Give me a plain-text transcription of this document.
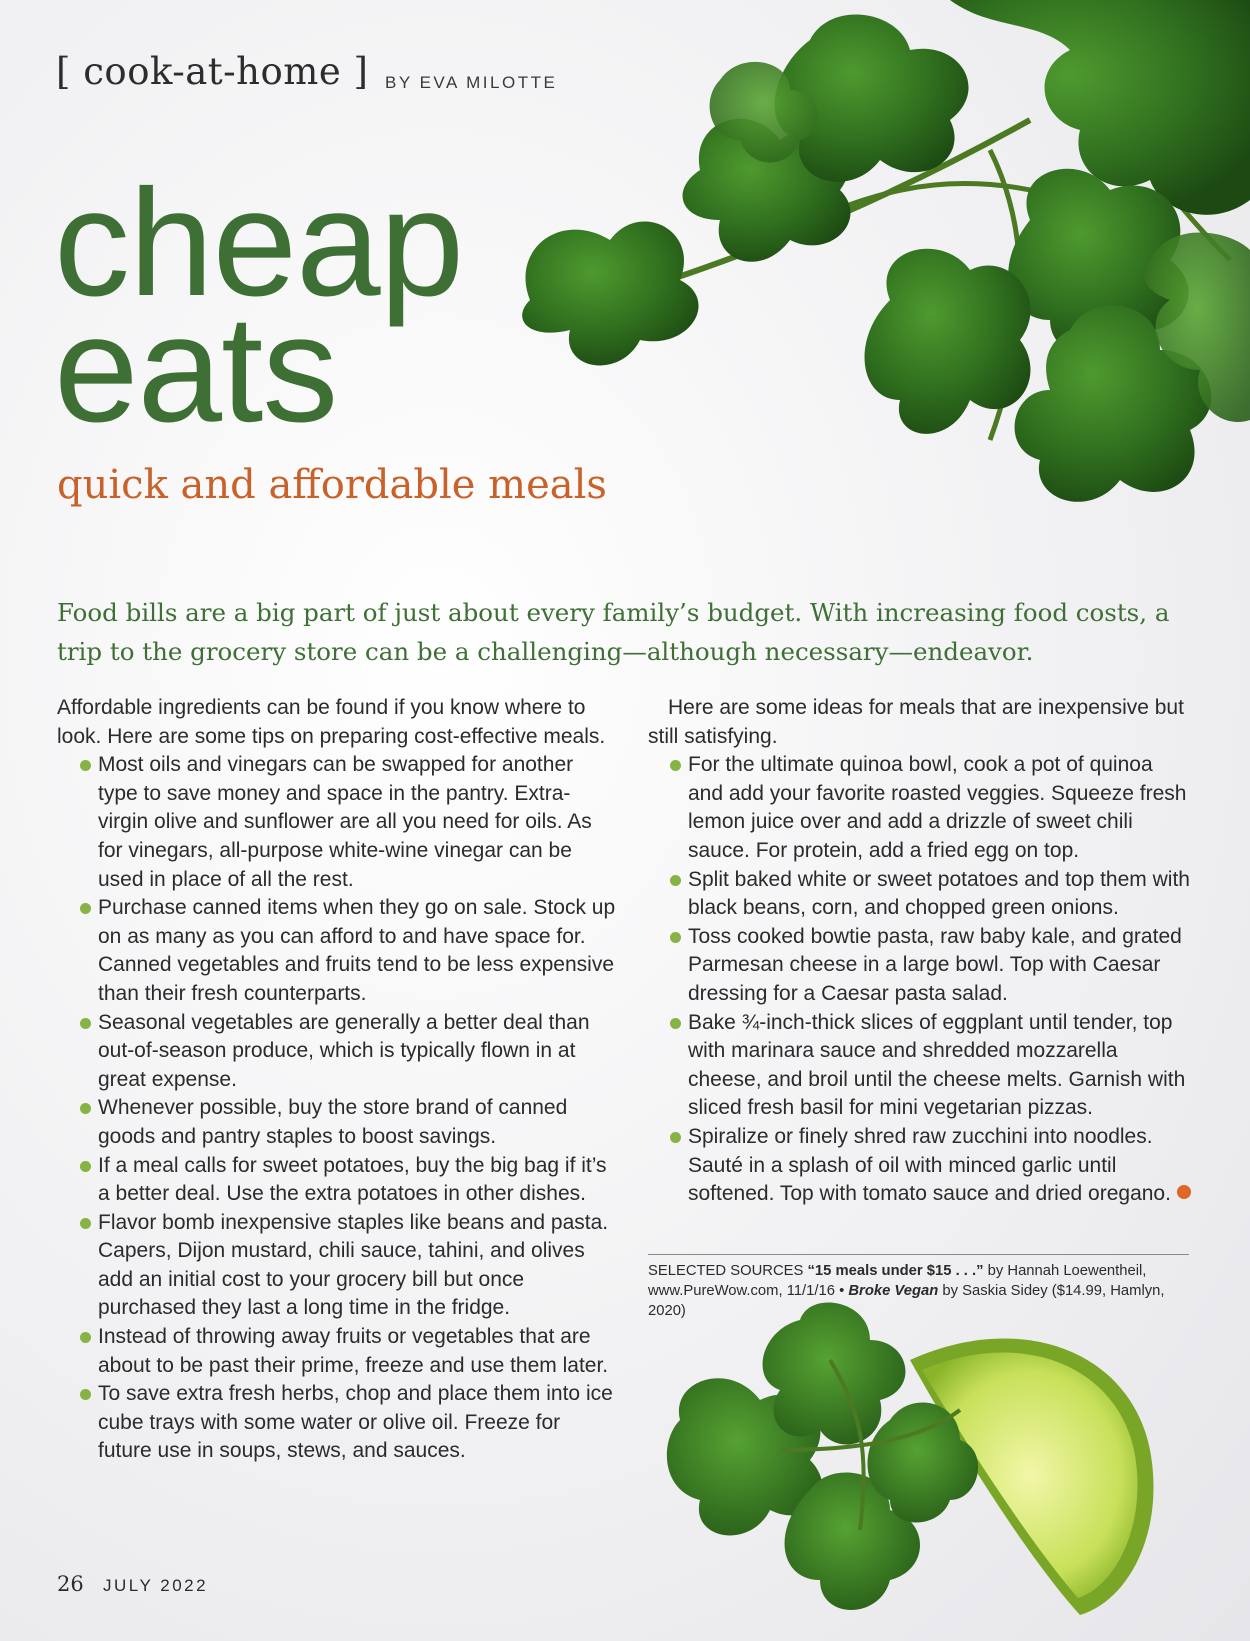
[ cook-at-home ] BY EVA MILOTTE
cheap
eats
quick and affordable meals
Food bills are a big part of just about every family’s budget. With increasing food costs, a trip to the grocery store can be a challenging—although necessary—endeavor.

Affordable ingredients can be found if you know where to look. Here are some tips on preparing cost-effective meals.

Most oils and vinegars can be swapped for another type to save money and space in the pantry. Extra-virgin olive and sunflower are all you need for oils. As for vinegars, all-purpose white-wine vinegar can be used in place of all the rest.
Purchase canned items when they go on sale. Stock up on as many as you can afford to and have space for. Canned vegetables and fruits tend to be less expensive than their fresh counterparts.
Seasonal vegetables are generally a better deal than out-of-season produce, which is typically flown in at great expense.
Whenever possible, buy the store brand of canned goods and pantry staples to boost savings.
If a meal calls for sweet potatoes, buy the big bag if it’s a better deal. Use the extra potatoes in other dishes.
Flavor bomb inexpensive staples like beans and pasta. Capers, Dijon mustard, chili sauce, tahini, and olives add an initial cost to your grocery bill but once purchased they last a long time in the fridge.
Instead of throwing away fruits or vegetables that are about to be past their prime, freeze and use them later.
To save extra fresh herbs, chop and place them into ice cube trays with some water or olive oil. Freeze for future use in soups, stews, and sauces.

Here are some ideas for meals that are inexpensive but still satisfying.

For the ultimate quinoa bowl, cook a pot of quinoa and add your favorite roasted veggies. Squeeze fresh lemon juice over and add a drizzle of sweet chili sauce. For protein, add a fried egg on top.
Split baked white or sweet potatoes and top them with black beans, corn, and chopped green onions.
Toss cooked bowtie pasta, raw baby kale, and grated Parmesan cheese in a large bowl. Top with Caesar dressing for a Caesar pasta salad.
Bake ¾-inch-thick slices of eggplant until tender, top with marinara sauce and shredded mozzarella cheese, and broil until the cheese melts. Garnish with sliced fresh basil for mini vegetarian pizzas.
Spiralize or finely shred raw zucchini into noodles. Sauté in a splash of oil with minced garlic until softened. Top with tomato sauce and dried oregano.
SELECTED SOURCES “15 meals under $15 . . .” by Hannah Loewentheil, www.PureWow.com, 11/1/16 • Broke Vegan by Saskia Sidey ($14.99, Hamlyn, 2020)
26 JULY 2022
